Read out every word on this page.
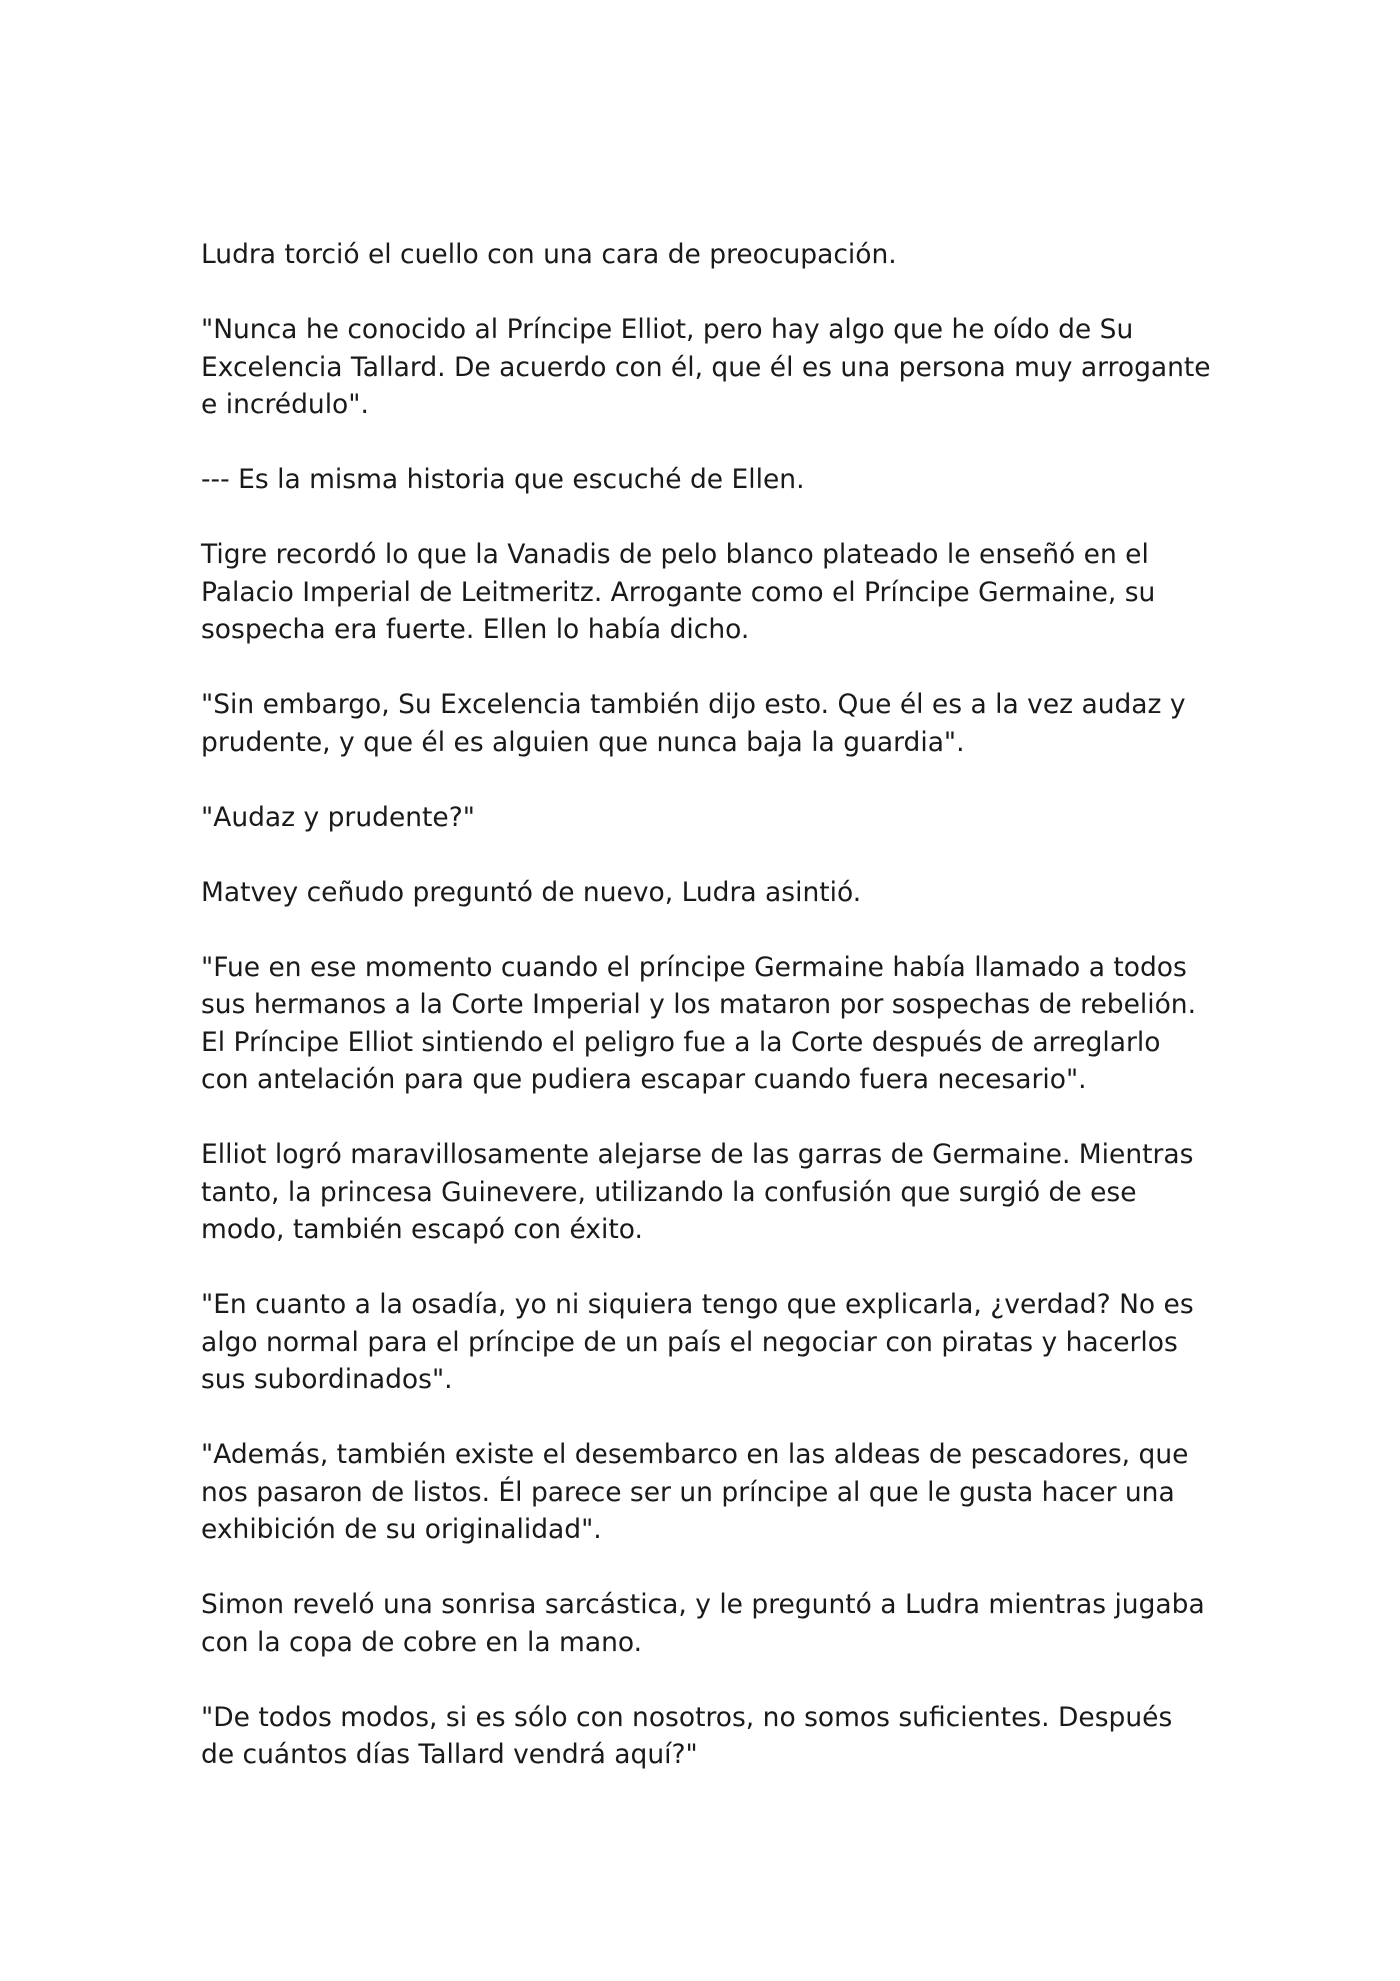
Ludra torció el cuello con una cara de preocupación.

"Nunca he conocido al Príncipe Elliot, pero hay algo que he oído de Su Excelencia Tallard. De acuerdo con él, que él es una persona muy arrogante e incrédulo".

--- Es la misma historia que escuché de Ellen.

Tigre recordó lo que la Vanadis de pelo blanco plateado le enseñó en el Palacio Imperial de Leitmeritz. Arrogante como el Príncipe Germaine, su sospecha era fuerte. Ellen lo había dicho.

"Sin embargo, Su Excelencia también dijo esto. Que él es a la vez audaz y prudente, y que él es alguien que nunca baja la guardia".

"Audaz y prudente?"

Matvey ceñudo preguntó de nuevo, Ludra asintió.

"Fue en ese momento cuando el príncipe Germaine había llamado a todos sus hermanos a la Corte Imperial y los mataron por sospechas de rebelión. El Príncipe Elliot sintiendo el peligro fue a la Corte después de arreglarlo con antelación para que pudiera escapar cuando fuera necesario".

Elliot logró maravillosamente alejarse de las garras de Germaine. Mientras tanto, la princesa Guinevere, utilizando la confusión que surgió de ese modo, también escapó con éxito.

"En cuanto a la osadía, yo ni siquiera tengo que explicarla, ¿verdad? No es algo normal para el príncipe de un país el negociar con piratas y hacerlos sus subordinados".

"Además, también existe el desembarco en las aldeas de pescadores, que nos pasaron de listos. Él parece ser un príncipe al que le gusta hacer una exhibición de su originalidad".

Simon reveló una sonrisa sarcástica, y le preguntó a Ludra mientras jugaba con la copa de cobre en la mano.

"De todos modos, si es sólo con nosotros, no somos suficientes. Después de cuántos días Tallard vendrá aquí?"
